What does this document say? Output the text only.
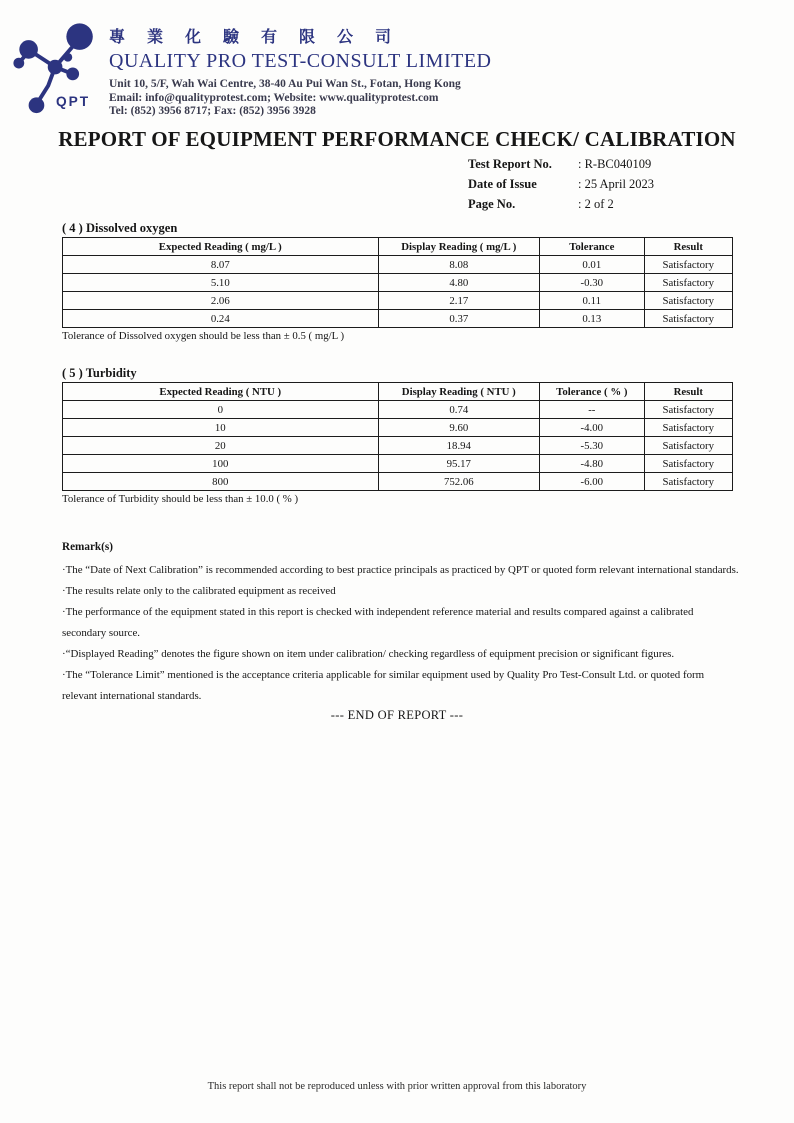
QPT
專 業 化 驗 有 限 公 司
QUALITY PRO TEST-CONSULT LIMITED
Unit 10, 5/F, Wah Wai Centre, 38-40 Au Pui Wan St., Fotan, Hong Kong
Email: info@qualityprotest.com; Website: www.qualityprotest.com
Tel: (852) 3956 8717; Fax: (852) 3956 3928
REPORT OF EQUIPMENT PERFORMANCE CHECK/ CALIBRATION
Test Report No.	: R-BC040109
Date of Issue	: 25 April 2023
Page No.	: 2 of 2
( 4 ) Dissolved oxygen
Expected Reading ( mg/L )	Display Reading ( mg/L )	Tolerance	Result
8.07	8.08	0.01	Satisfactory
5.10	4.80	-0.30	Satisfactory
2.06	2.17	0.11	Satisfactory
0.24	0.37	0.13	Satisfactory
Tolerance of Dissolved oxygen should be less than ± 0.5 ( mg/L )
( 5 ) Turbidity
Expected Reading ( NTU )	Display Reading ( NTU )	Tolerance ( % )	Result
0	0.74	--	Satisfactory
10	9.60	-4.00	Satisfactory
20	18.94	-5.30	Satisfactory
100	95.17	-4.80	Satisfactory
800	752.06	-6.00	Satisfactory
Tolerance of Turbidity should be less than ± 10.0 ( % )
Remark(s)
·The “Date of Next Calibration” is recommended according to best practice principals as practiced by QPT or quoted form relevant international standards.
·The results relate only to the calibrated equipment as received
·The performance of the equipment stated in this report is checked with independent reference material and results compared against a calibrated secondary source.
·“Displayed Reading” denotes the figure shown on item under calibration/ checking regardless of equipment precision or significant figures.
·The “Tolerance Limit” mentioned is the acceptance criteria applicable for similar equipment used by Quality Pro Test-Consult Ltd. or quoted form relevant international standards.
--- END OF REPORT ---
This report shall not be reproduced unless with prior written approval from this laboratory
